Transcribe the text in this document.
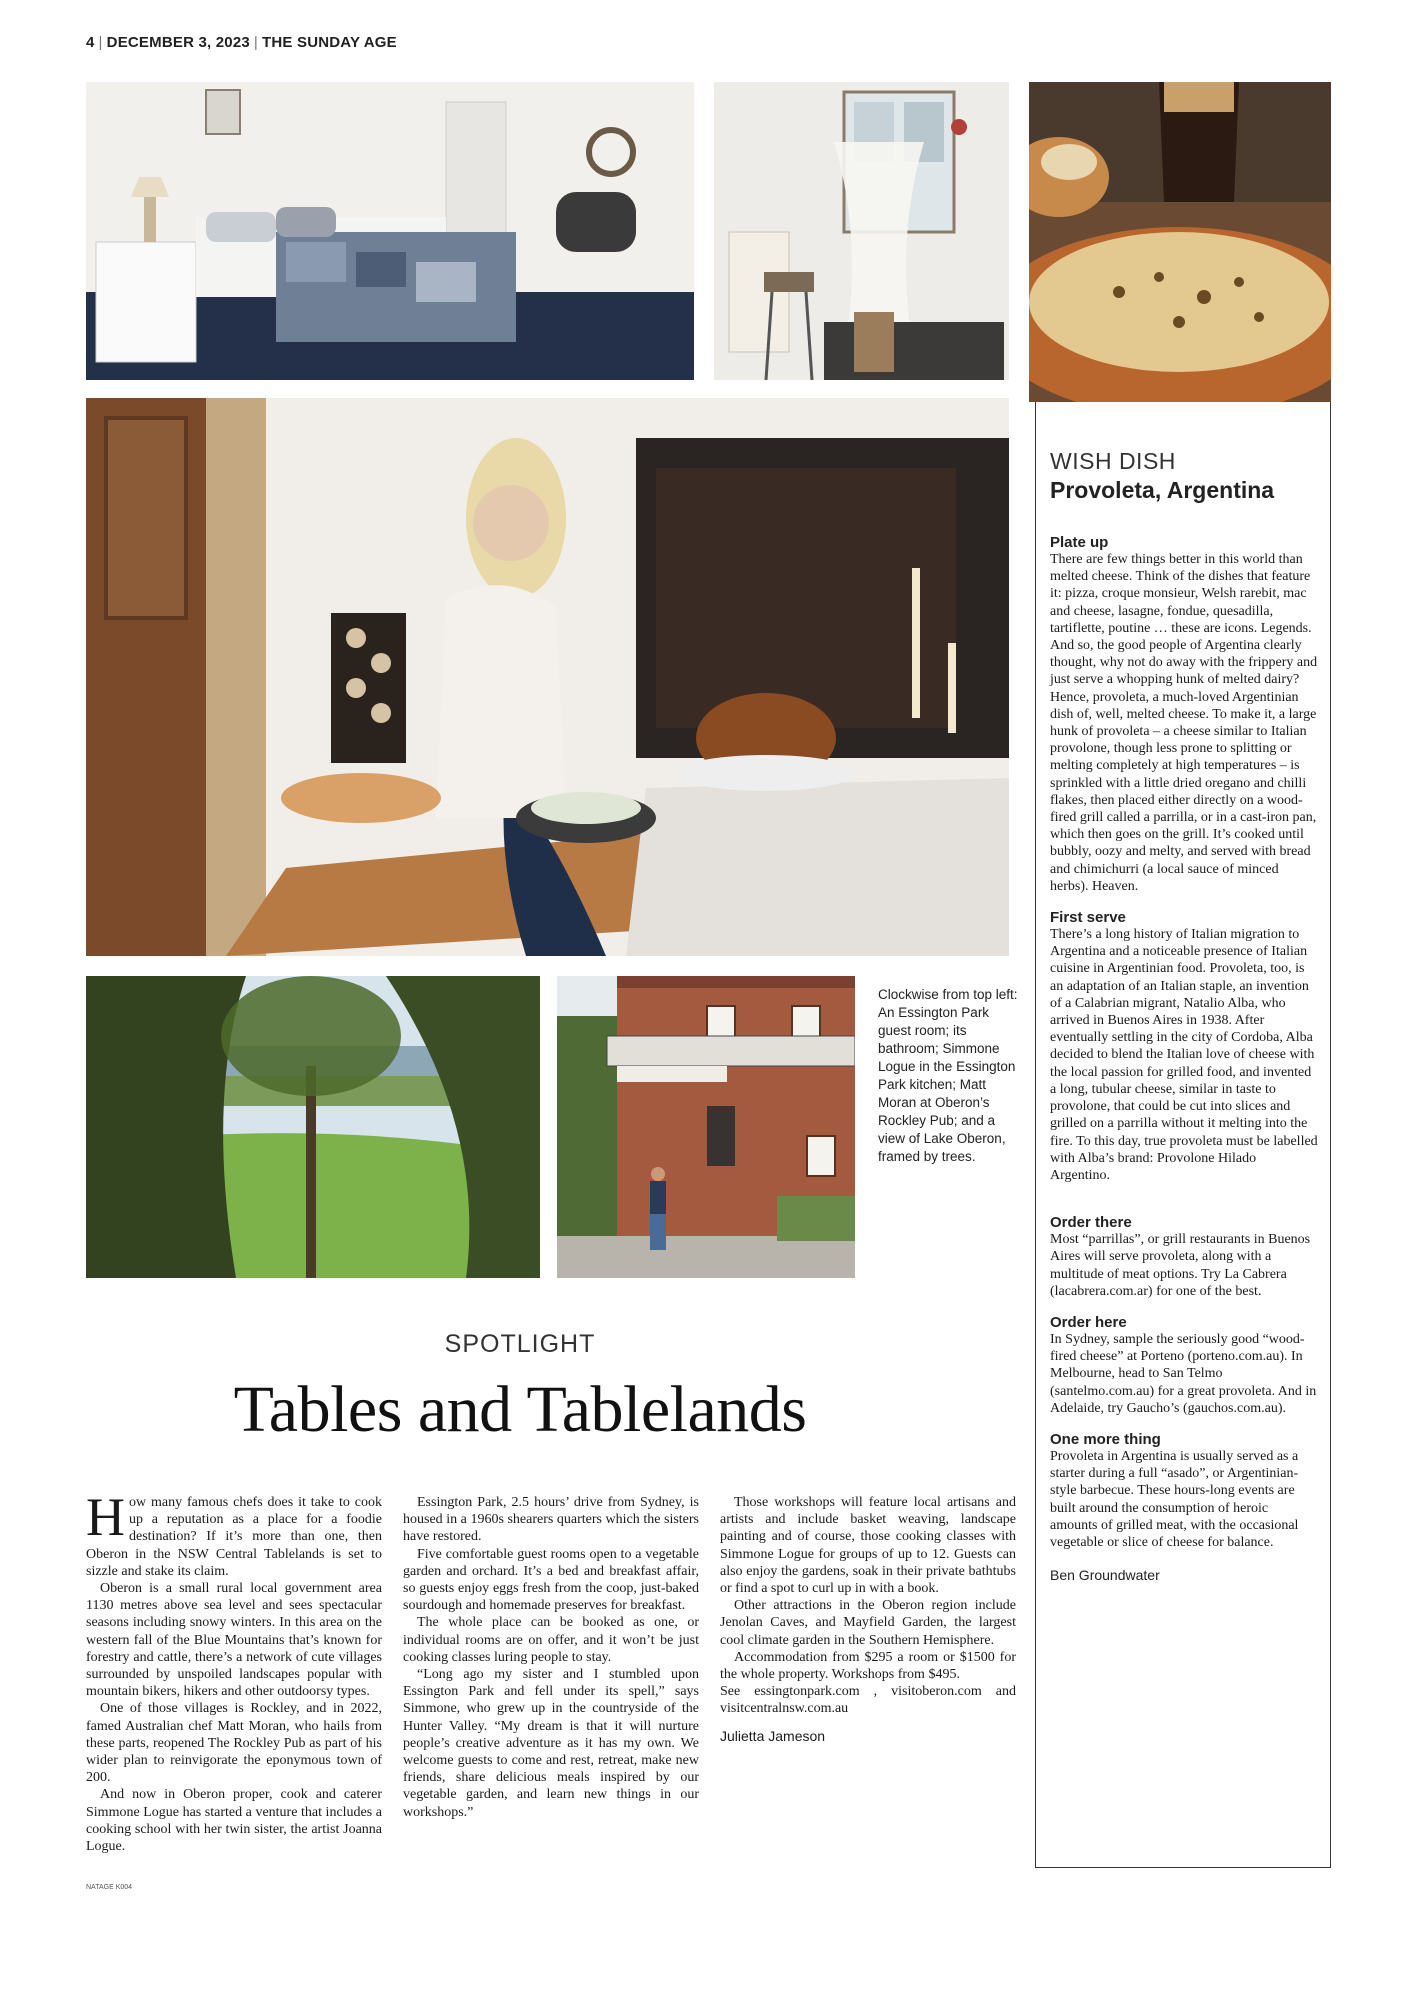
4 | DECEMBER 3, 2023 | THE SUNDAY AGE
Clockwise from top left: An Essington Park guest room; its bathroom; Simmone Logue in the Essington Park kitchen; Matt Moran at Oberon’s Rockley Pub; and a view of Lake Oberon, framed by trees.
SPOTLIGHT
Tables and Tablelands

How many famous chefs does it take to cook up a reputation as a place for a foodie destination? If it’s more than one, then Oberon in the NSW Central Tablelands is set to sizzle and stake its claim.

Oberon is a small rural local government area 1130 metres above sea level and sees spectacular seasons including snowy winters. In this area on the western fall of the Blue Mountains that’s known for forestry and cattle, there’s a network of cute villages surrounded by unspoiled landscapes popular with mountain bikers, hikers and other outdoorsy types.

One of those villages is Rockley, and in 2022, famed Australian chef Matt Moran, who hails from these parts, reopened The Rockley Pub as part of his wider plan to reinvigorate the eponymous town of 200.

And now in Oberon proper, cook and caterer Simmone Logue has started a venture that includes a cooking school with her twin sister, the artist Joanna Logue.

Essington Park, 2.5 hours’ drive from Sydney, is housed in a 1960s shearers quarters which the sisters have restored.

Five comfortable guest rooms open to a vegetable garden and orchard. It’s a bed and breakfast affair, so guests enjoy eggs fresh from the coop, just-baked sourdough and homemade preserves for breakfast.

The whole place can be booked as one, or individual rooms are on offer, and it won’t be just cooking classes luring people to stay.

“Long ago my sister and I stumbled upon Essington Park and fell under its spell,” says Simmone, who grew up in the countryside of the Hunter Valley. “My dream is that it will nurture people’s creative adventure as it has my own. We welcome guests to come and rest, retreat, make new friends, share delicious meals inspired by our vegetable garden, and learn new things in our workshops.”

Those workshops will feature local artisans and artists and include basket weaving, landscape painting and of course, those cooking classes with Simmone Logue for groups of up to 12. Guests can also enjoy the gardens, soak in their private bathtubs or find a spot to curl up in with a book.

Other attractions in the Oberon region include Jenolan Caves, and Mayfield Garden, the largest cool climate garden in the Southern Hemisphere.

Accommodation from $295 a room or $1500 for the whole property. Workshops from $495.

See essingtonpark.com , visitoberon.com and visitcentralnsw.com.au

Julietta Jameson

NATAGE K004
WISH DISH
Provoleta, Argentina
Plate up
There are few things better in this world than melted cheese. Think of the dishes that feature it: pizza, croque monsieur, Welsh rarebit, mac and cheese, lasagne, fondue, quesadilla, tartiflette, poutine … these are icons. Legends. And so, the good people of Argentina clearly thought, why not do away with the frippery and just serve a whopping hunk of melted dairy? Hence, provoleta, a much-loved Argentinian dish of, well, melted cheese. To make it, a large hunk of provoleta – a cheese similar to Italian provolone, though less prone to splitting or melting completely at high temperatures – is sprinkled with a little dried oregano and chilli flakes, then placed either directly on a wood-fired grill called a parrilla, or in a cast-iron pan, which then goes on the grill. It’s cooked until bubbly, oozy and melty, and served with bread and chimichurri (a local sauce of minced herbs). Heaven.
First serve
There’s a long history of Italian migration to Argentina and a noticeable presence of Italian cuisine in Argentinian food. Provoleta, too, is an adaptation of an Italian staple, an invention of a Calabrian migrant, Natalio Alba, who arrived in Buenos Aires in 1938. After eventually settling in the city of Cordoba, Alba decided to blend the Italian love of cheese with the local passion for grilled food, and invented a long, tubular cheese, similar in taste to provolone, that could be cut into slices and grilled on a parrilla without it melting into the fire. To this day, true provoleta must be labelled with Alba’s brand: Provolone Hilado Argentino.
Order there
Most “parrillas”, or grill restaurants in Buenos Aires will serve provoleta, along with a multitude of meat options. Try La Cabrera (lacabrera.com.ar) for one of the best.
Order here
In Sydney, sample the seriously good “wood-fired cheese” at Porteno (porteno.com.au). In Melbourne, head to San Telmo (santelmo.com.au) for a great provoleta. And in Adelaide, try Gaucho’s (gauchos.com.au).
One more thing
Provoleta in Argentina is usually served as a starter during a full “asado”, or Argentinian-style barbecue. These hours-long events are built around the consumption of heroic amounts of grilled meat, with the occasional vegetable or slice of cheese for balance.
Ben Groundwater
